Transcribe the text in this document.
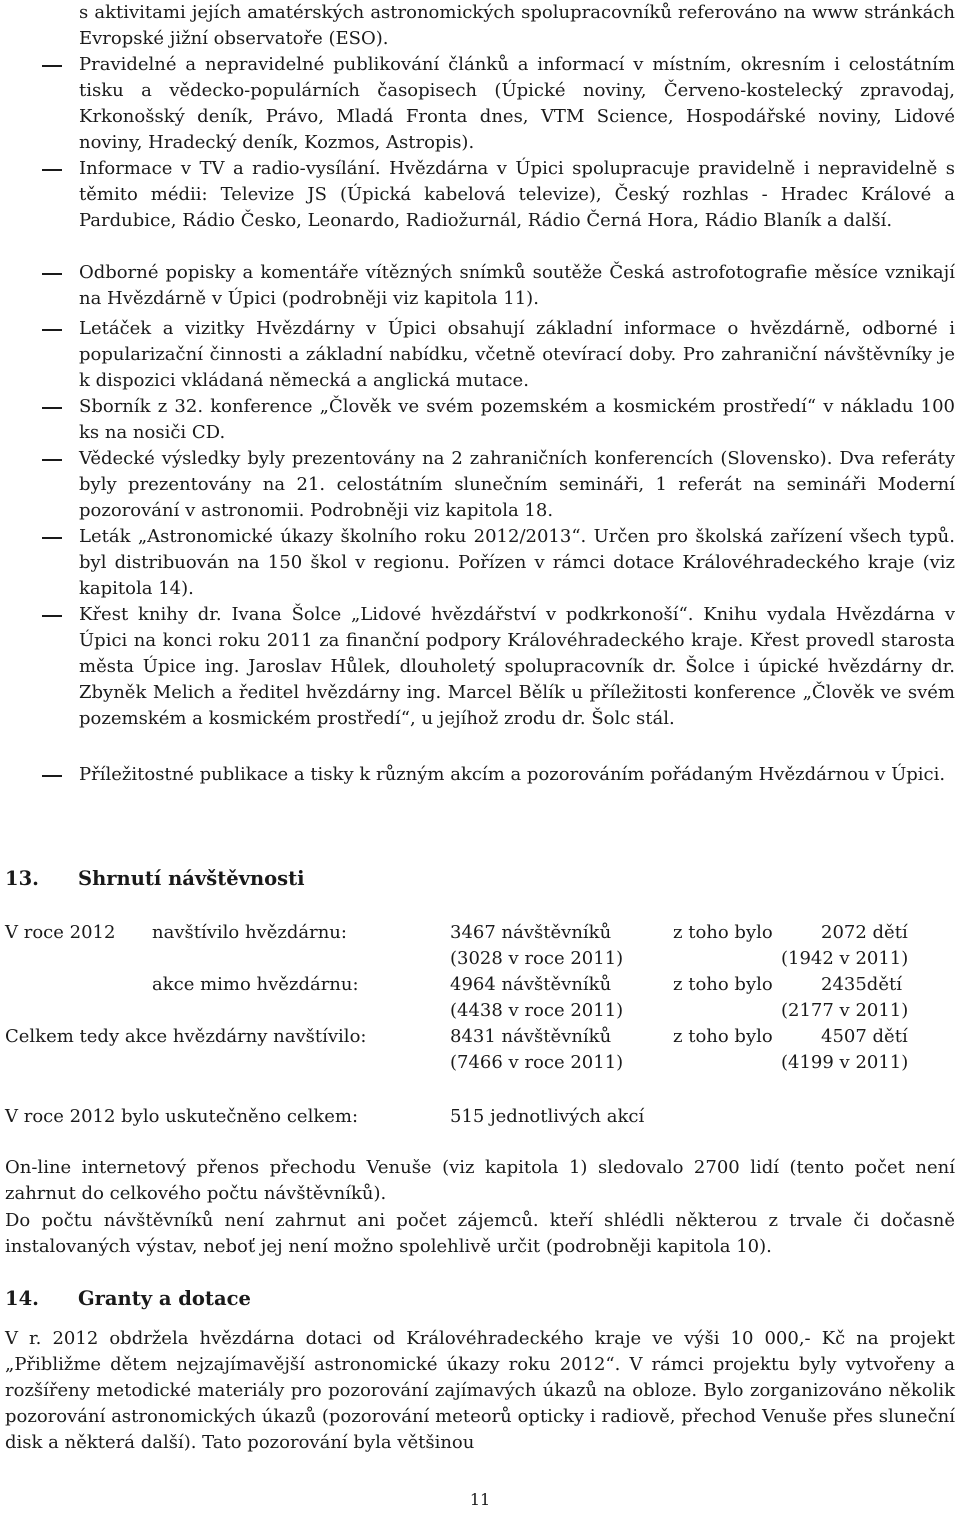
s aktivitami jejích amatérských astronomických spolupracovníků referováno na www stránkách Evropské jižní observatoře (ESO).

Pravidelné a nepravidelné publikování článků a informací v místním, okresním i celostátním tisku a vědecko-populárních časopisech (Úpické noviny, Červeno-kostelecký zpravodaj, Krkonošský deník, Právo, Mladá Fronta dnes, VTM Science, Hospodářské noviny, Lidové noviny, Hradecký deník, Kozmos, Astropis).

Informace v TV a radio-vysílání. Hvězdárna v Úpici spolupracuje pravidelně i nepravidelně s těmito médii: Televize JS (Úpická kabelová televize), Český rozhlas - Hradec Králové a Pardubice, Rádio Česko, Leonardo, Radiožurnál, Rádio Černá Hora, Rádio Blaník a další.

Odborné popisky a komentáře vítězných snímků soutěže Česká astrofotografie měsíce vznikají na Hvězdárně v Úpici (podrobněji viz kapitola 11).

Letáček a vizitky Hvězdárny v Úpici obsahují základní informace o hvězdárně, odborné i popularizační činnosti a základní nabídku, včetně otevírací doby. Pro zahraniční návštěvníky je k dispozici vkládaná německá a anglická mutace.

Sborník z 32. konference „Člověk ve svém pozemském a kosmickém prostředí“ v nákladu 100 ks na nosiči CD.

Vědecké výsledky byly prezentovány na 2 zahraničních konferencích (Slovensko). Dva referáty byly prezentovány na 21. celostátním slunečním semináři, 1 referát na semináři Moderní pozorování v astronomii. Podrobněji viz kapitola 18.

Leták „Astronomické úkazy školního roku 2012/2013“. Určen pro školská zařízení všech typů. byl distribuován na 150 škol v regionu. Pořízen v rámci dotace Královéhradeckého kraje (viz kapitola 14).

Křest knihy dr. Ivana Šolce „Lidové hvězdářství v podkrkonoší“. Knihu vydala Hvězdárna v Úpici na konci roku 2011 za finanční podpory Královéhradeckého kraje. Křest provedl starosta města Úpice ing. Jaroslav Hůlek, dlouholetý spolupracovník dr. Šolce i úpické hvězdárny dr. Zbyněk Melich a ředitel hvězdárny ing. Marcel Bělík u příležitosti konference „Člověk ve svém pozemském a kosmickém prostředí“, u jejíhož zrodu dr. Šolc stál.

Příležitostné publikace a tisky k různým akcím a pozorováním pořádaným Hvězdárnou v Úpici.

13. Shrnutí návštěvnosti
V roce 2012 navštívilo hvězdárnu:	3467 návštěvníků	z toho bylo	2072 dětí
(3028 v roce 2011)	(1942 v 2011)
akce mimo hvězdárnu:	4964 návštěvníků	z toho bylo	2435dětí
(4438 v roce 2011)	(2177 v 2011)
Celkem tedy akce hvězdárny navštívilo:	8431 návštěvníků	z toho bylo	4507 dětí
(7466 v roce 2011)	(4199 v 2011)
V roce 2012 bylo uskutečněno celkem:	515 jednotlivých akcí

On-line internetový přenos přechodu Venuše (viz kapitola 1) sledovalo 2700 lidí (tento počet není zahrnut do celkového počtu návštěvníků).

Do počtu návštěvníků není zahrnut ani počet zájemců. kteří shlédli některou z trvale či dočasně instalovaných výstav, neboť jej není možno spolehlivě určit (podrobněji kapitola 10).

14. Granty a dotace

V r. 2012 obdržela hvězdárna dotaci od Královéhradeckého kraje ve výši 10 000,- Kč na projekt „Přibližme dětem nejzajímavější astronomické úkazy roku 2012“. V rámci projektu byly vytvořeny a rozšířeny metodické materiály pro pozorování zajímavých úkazů na obloze. Bylo zorganizováno několik pozorování astronomických úkazů (pozorování meteorů opticky i radiově, přechod Venuše přes sluneční disk a některá další). Tato pozorování byla většinou

11
